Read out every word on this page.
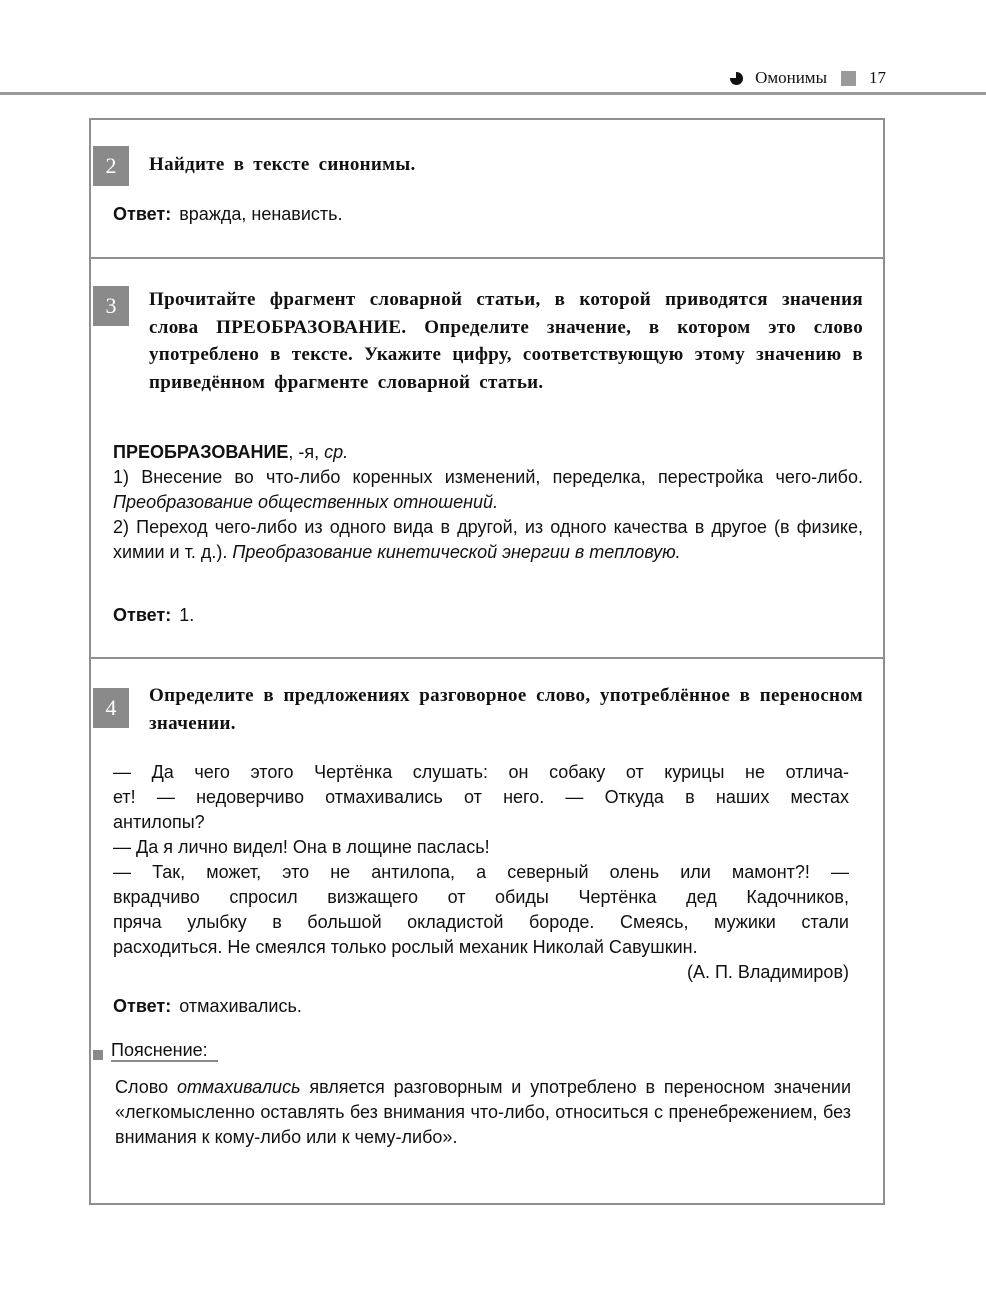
Омонимы 17
2	Найдите в тексте синонимы.
Ответ: вражда, ненависть.
3	Прочитайте фрагмент словарной статьи, в которой приводятся значения слова ПРЕОБРАЗОВАНИЕ. Определите значение, в котором это слово употреблено в тексте. Укажите цифру, соответствующую этому значению в приведённом фрагменте словарной статьи.
ПРЕОБРАЗОВАНИЕ, -я, ср.
1) Внесение во что-либо коренных изменений, переделка, перестройка чего-либо. Преобразование общественных отношений.
2) Переход чего-либо из одного вида в другой, из одного качества в другое (в физике, химии и т. д.). Преобразование кинетической энергии в тепловую.
Ответ: 1.
4	Определите в предложениях разговорное слово, употреблённое в переносном значении.
— Да чего этого Чертёнка слушать: он собаку от курицы не отлича-
ет! — недоверчиво отмахивались от него. — Откуда в наших местах
антилопы?
— Да я лично видел! Она в лощине паслась!
— Так, может, это не антилопа, а северный олень или мамонт?! —
вкрадчиво спросил визжащего от обиды Чертёнка дед Кадочников,
пряча улыбку в большой окладистой бороде. Смеясь, мужики стали
расходиться. Не смеялся только рослый механик Николай Савушкин.
(А. П. Владимиров)
Ответ: отмахивались.
Пояснение:
Слово отмахивались является разговорным и употреблено в переносном значении «легкомысленно оставлять без внимания что-либо, относиться с пренебрежением, без внимания к кому-либо или к чему-либо».
